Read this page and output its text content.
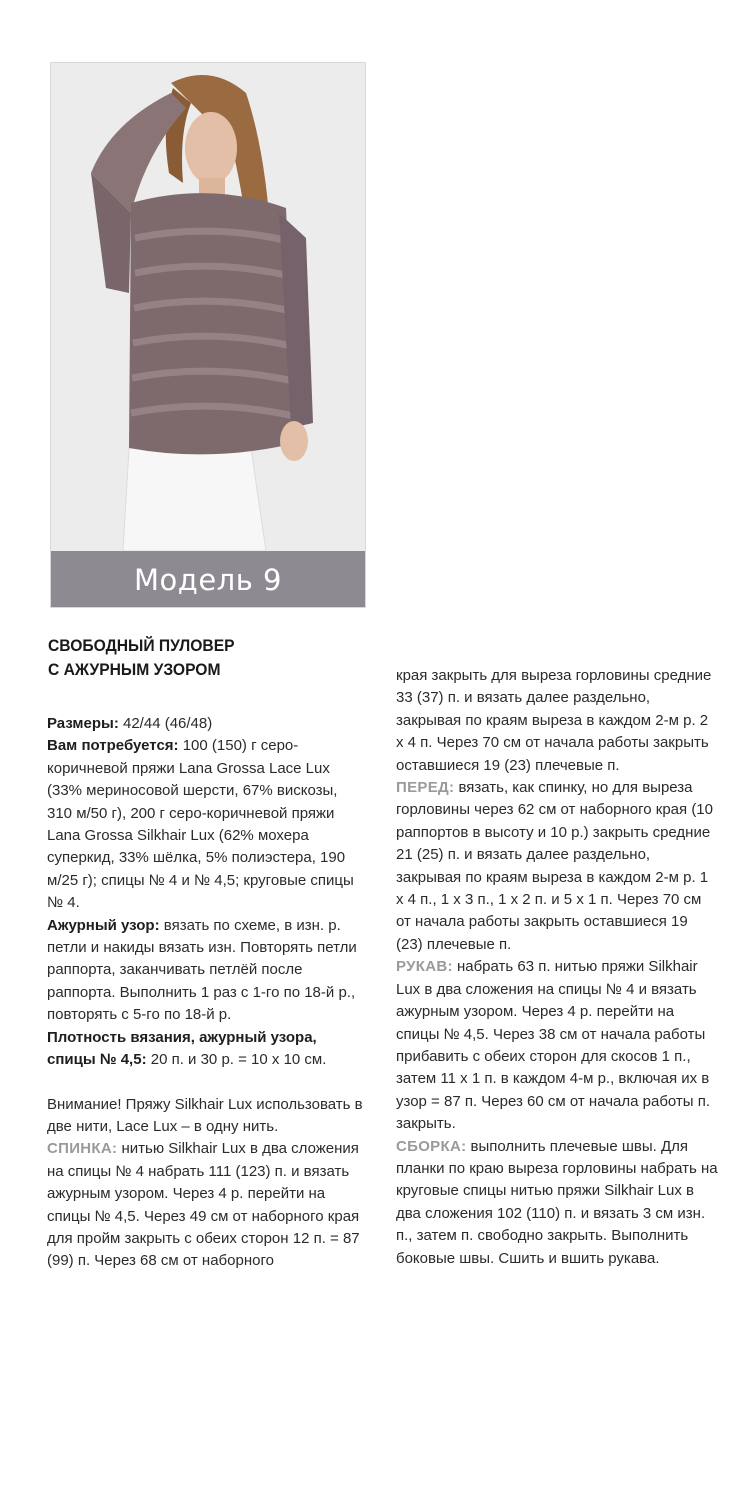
Модель 9
СВОБОДНЫЙ ПУЛОВЕР
С АЖУРНЫМ УЗОРОМ

Размеры: 42/44 (46/48)

Вам потребуется: 100 (150) г серо-коричневой пряжи Lana Grossa Lace Lux (33% мериносовой шерсти, 67% вискозы, 310 м/50 г), 200 г серо-коричневой пряжи Lana Grossa Silkhair Lux (62% мохера суперкид, 33% шёлка, 5% полиэстера, 190 м/25 г); спицы № 4 и № 4,5; круговые спицы № 4.

Ажурный узор: вязать по схеме, в изн. р. петли и накиды вязать изн. Повторять петли раппорта, заканчивать петлёй после раппорта. Выполнить 1 раз с 1-го по 18-й р., повторять с 5-го по 18-й р.

Плотность вязания, ажурный узора, спицы № 4,5: 20 п. и 30 р. = 10 х 10 см.

Внимание! Пряжу Silkhair Lux использовать в две нити, Lace Lux – в одну нить.

СПИНКА: нитью Silkhair Lux в два сложения на спицы № 4 набрать 111 (123) п. и вязать ажурным узором. Через 4 р. перейти на спицы № 4,5. Через 49 см от наборного края для пройм закрыть с обеих сторон 12 п. = 87 (99) п. Через 68 см от наборного

края закрыть для выреза горловины средние 33 (37) п. и вязать далее раздельно, закрывая по краям выреза в каждом 2-м р. 2 х 4 п. Через 70 см от начала работы закрыть оставшиеся 19 (23) плечевые п.

ПЕРЕД: вязать, как спинку, но для выреза горловины через 62 см от наборного края (10 раппортов в высоту и 10 р.) закрыть средние 21 (25) п. и вязать далее раздельно, закрывая по краям выреза в каждом 2-м р. 1 х 4 п., 1 х 3 п., 1 х 2 п. и 5 х 1 п. Через 70 см от начала работы закрыть оставшиеся 19 (23) плечевые п.

РУКАВ: набрать 63 п. нитью пряжи Silkhair Lux в два сложения на спицы № 4 и вязать ажурным узором. Через 4 р. перейти на спицы № 4,5. Через 38 см от начала работы прибавить с обеих сторон для скосов 1 п., затем 11 х 1 п. в каждом 4-м р., включая их в узор = 87 п. Через 60 см от начала работы п. закрыть.

СБОРКА: выполнить плечевые швы. Для планки по краю выреза горловины набрать на круговые спицы нитью пряжи Silkhair Lux в два сложения 102 (110) п. и вязать 3 см изн. п., затем п. свободно закрыть. Выполнить боковые швы. Сшить и вшить рукава.
